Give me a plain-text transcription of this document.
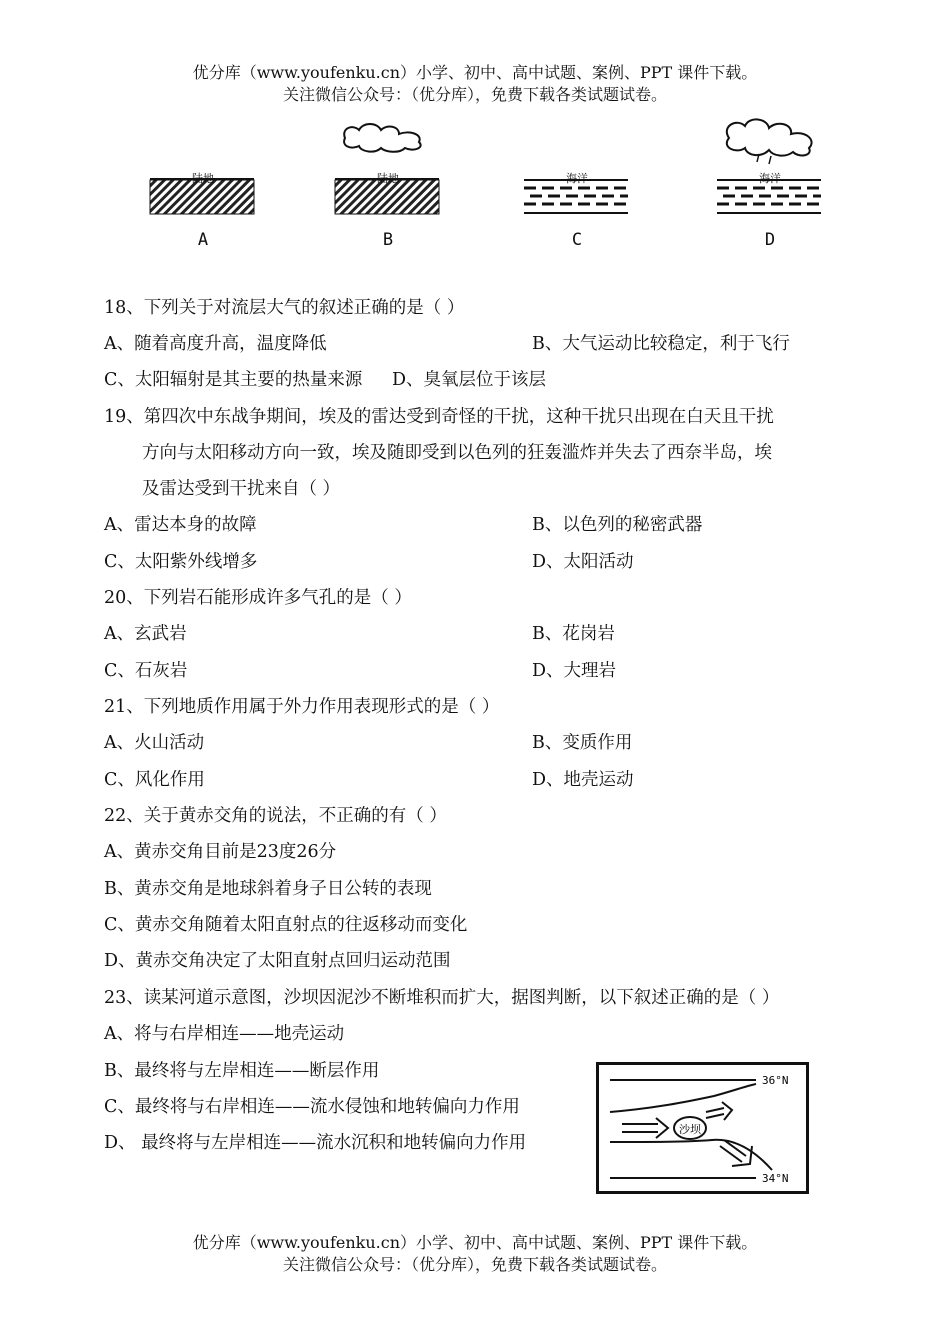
优分库（www.youfenku.cn）小学、初中、高中试题、案例、PPT 课件下载。
关注微信公众号：（优分库），免费下载各类试题试卷。
陆地
A
陆地
B
海洋
C
海洋
D
18、下列关于对流层大气的叙述正确的是（ ）
A、随着高度升高，温度降低	B、大气运动比较稳定，利于飞行
C、太阳辐射是其主要的热量来源 D、臭氧层位于该层
19、第四次中东战争期间，埃及的雷达受到奇怪的干扰，这种干扰只出现在白天且干扰
方向与太阳移动方向一致，埃及随即受到以色列的狂轰滥炸并失去了西奈半岛，埃
及雷达受到干扰来自（ ）
A、雷达本身的故障	B、以色列的秘密武器
C、太阳紫外线增多	D、太阳活动
20、下列岩石能形成许多气孔的是（ ）
A、玄武岩	B、花岗岩
C、石灰岩	D、大理岩
21、下列地质作用属于外力作用表现形式的是（ ）
A、火山活动	B、变质作用
C、风化作用	D、地壳运动
22、关于黄赤交角的说法，不正确的有（ ）
A、黄赤交角目前是23度26分
B、黄赤交角是地球斜着身子日公转的表现
C、黄赤交角随着太阳直射点的往返移动而变化
D、黄赤交角决定了太阳直射点回归运动范围
23、读某河道示意图，沙坝因泥沙不断堆积而扩大，据图判断，以下叙述正确的是（ ）
A、将与右岸相连——地壳运动
B、最终将与左岸相连——断层作用
C、最终将与右岸相连——流水侵蚀和地转偏向力作用
D、 最终将与左岸相连——流水沉积和地转偏向力作用
沙坝
36°N
34°N
优分库（www.youfenku.cn）小学、初中、高中试题、案例、PPT 课件下载。
关注微信公众号：（优分库），免费下载各类试题试卷。
